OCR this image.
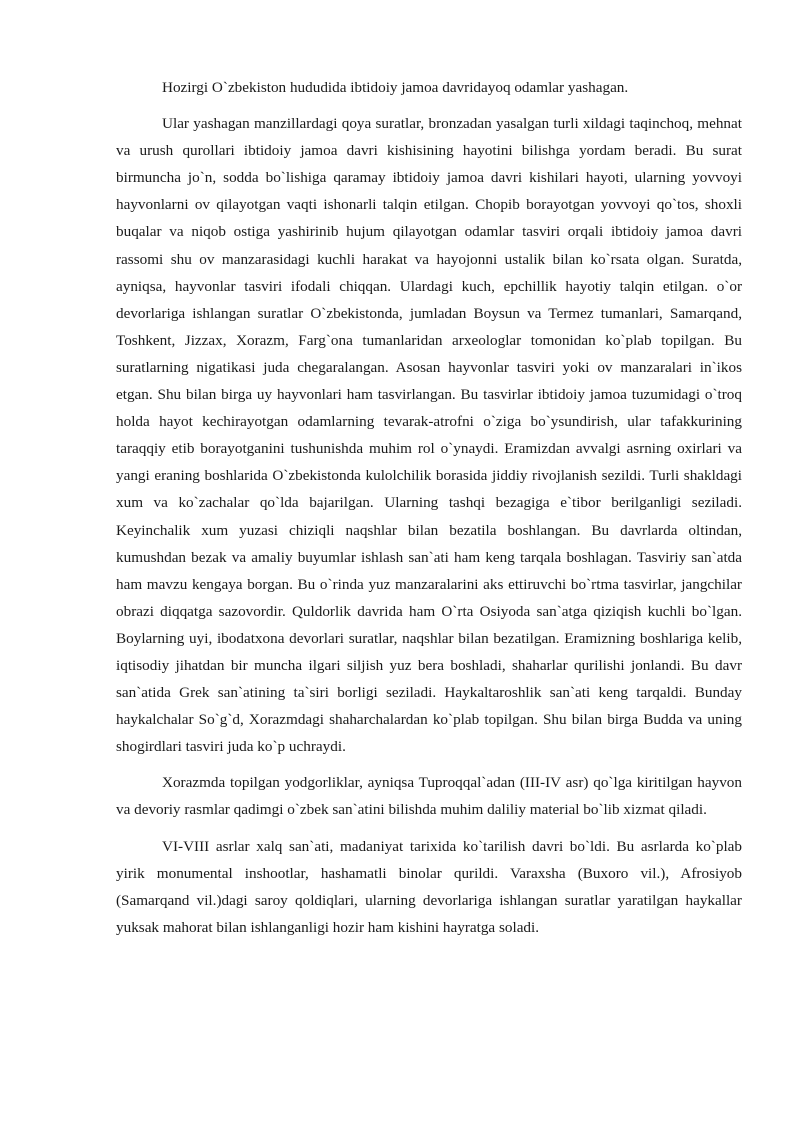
Hozirgi O`zbekiston hududida ibtidoiy jamoa davridayoq odamlar yashagan.

Ular yashagan manzillardagi qoya suratlar, bronzadan yasalgan turli xildagi taqinchoq, mehnat va urush qurollari ibtidoiy jamoa davri kishisining hayotini bilishga yordam beradi. Bu surat birmuncha jo`n, sodda bo`lishiga qaramay ibtidoiy jamoa davri kishilari hayoti, ularning yovvoyi hayvonlarni ov qilayotgan vaqti ishonarli talqin etilgan. Chopib borayotgan yovvoyi qo`tos, shoxli buqalar va niqob ostiga yashirinib hujum qilayotgan odamlar tasviri orqali ibtidoiy jamoa davri rassomi shu ov manzarasidagi kuchli harakat va hayojonni ustalik bilan ko`rsata olgan. Suratda, ayniqsa, hayvonlar tasviri ifodali chiqqan. Ulardagi kuch, epchillik hayotiy talqin etilgan. o`or devorlariga ishlangan suratlar O`zbekistonda, jumladan Boysun va Termez tumanlari, Samarqand, Toshkent, Jizzax, Xorazm, Farg`ona tumanlaridan arxeologlar tomonidan ko`plab topilgan. Bu suratlarning nigatikasi juda chegaralangan. Asosan hayvonlar tasviri yoki ov manzaralari in`ikos etgan. Shu bilan birga uy hayvonlari ham tasvirlangan. Bu tasvirlar ibtidoiy jamoa tuzumidagi o`troq holda hayot kechirayotgan odamlarning tevarak-atrofni o`ziga bo`ysundirish, ular tafakkurining taraqqiy etib borayotganini tushunishda muhim rol o`ynaydi. Eramizdan avvalgi asrning oxirlari va yangi eraning boshlarida O`zbekistonda kulolchilik borasida jiddiy rivojlanish sezildi. Turli shakldagi xum va ko`zachalar qo`lda bajarilgan. Ularning tashqi bezagiga e`tibor berilganligi seziladi. Keyinchalik xum yuzasi chiziqli naqshlar bilan bezatila boshlangan. Bu davrlarda oltindan, kumushdan bezak va amaliy buyumlar ishlash san`ati ham keng tarqala boshlagan. Tasviriy san`atda ham mavzu kengaya borgan. Bu o`rinda yuz manzaralarini aks ettiruvchi bo`rtma tasvirlar, jangchilar obrazi diqqatga sazovordir. Quldorlik davrida ham O`rta Osiyoda san`atga qiziqish kuchli bo`lgan. Boylarning uyi, ibodatxona devorlari suratlar, naqshlar bilan bezatilgan. Eramizning boshlariga kelib, iqtisodiy jihatdan bir muncha ilgari siljish yuz bera boshladi, shaharlar qurilishi jonlandi. Bu davr san`atida Grek san`atining ta`siri borligi seziladi. Haykaltaroshlik san`ati keng tarqaldi. Bunday haykalchalar So`g`d, Xorazmdagi shaharchalardan ko`plab topilgan. Shu bilan birga Budda va uning shogirdlari tasviri juda ko`p uchraydi.

Xorazmda topilgan yodgorliklar, ayniqsa Tuproqqal`adan (III-IV asr) qo`lga kiritilgan hayvon va devoriy rasmlar qadimgi o`zbek san`atini bilishda muhim daliliy material bo`lib xizmat qiladi.

VI-VIII asrlar xalq san`ati, madaniyat tarixida ko`tarilish davri bo`ldi. Bu asrlarda ko`plab yirik monumental inshootlar, hashamatli binolar qurildi. Varaxsha (Buxoro vil.), Afrosiyob (Samarqand vil.)dagi saroy qoldiqlari, ularning devorlariga ishlangan suratlar yaratilgan haykallar yuksak mahorat bilan ishlanganligi hozir ham kishini hayratga soladi.
